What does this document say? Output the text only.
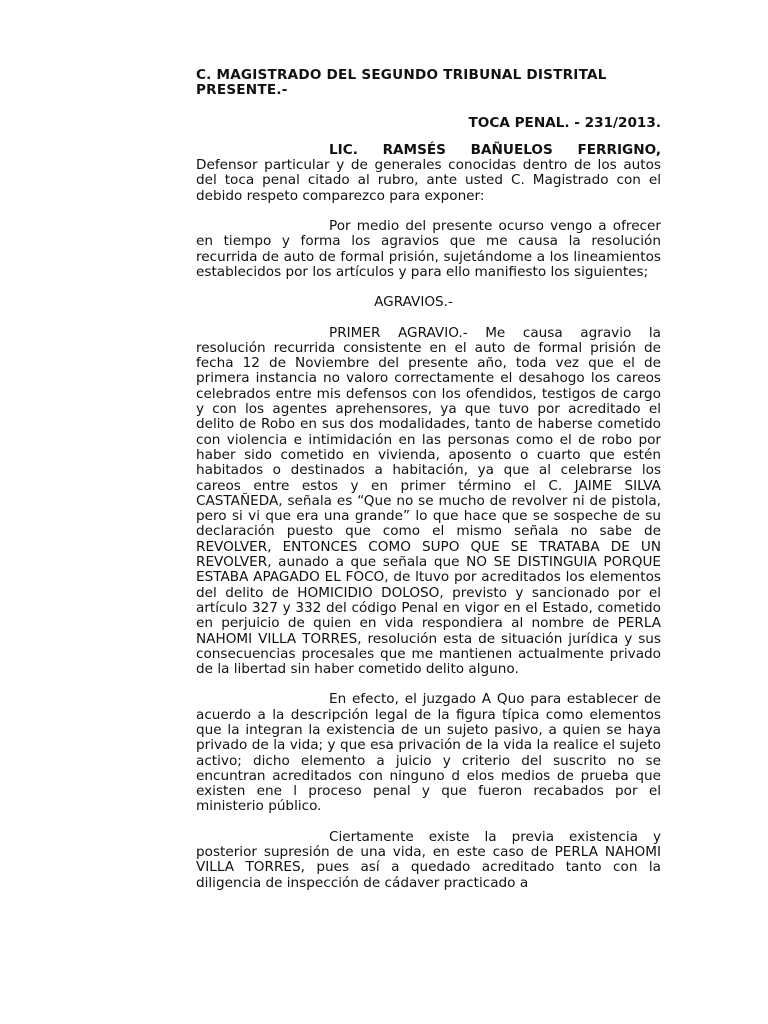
C. MAGISTRADO DEL SEGUNDO TRIBUNAL DISTRITAL

PRESENTE.-

TOCA PENAL. - 231/2013.

LIC. RAMSÉS BAÑUELOS FERRIGNO,

Defensor particular y de generales conocidas dentro de los autos del toca penal citado al rubro, ante usted C. Magistrado con el debido respeto comparezco para exponer:

Por medio del presente ocurso vengo a ofrecer en tiempo y forma los agravios que me causa la resolución recurrida de auto de formal prisión, sujetándome a los lineamientos establecidos por los artículos y para ello manifiesto los siguientes;

AGRAVIOS.-

PRIMER AGRAVIO.- Me causa agravio la resolución recurrida consistente en el auto de formal prisión de fecha 12 de Noviembre del presente año, toda vez que el de primera instancia no valoro correctamente el desahogo los careos celebrados entre mis defensos con los ofendidos, testigos de cargo y con los agentes aprehensores, ya que tuvo por acreditado el delito de Robo en sus dos modalidades, tanto de haberse cometido con violencia e intimidación en las personas como el de robo por haber sido cometido en vivienda, aposento o cuarto que estén habitados o destinados a habitación, ya que al celebrarse los careos entre estos y en primer término el C. JAIME SILVA CASTAÑEDA, señala es “Que no se mucho de revolver ni de pistola, pero si vi que era una grande” lo que hace que se sospeche de su declaración puesto que como el mismo señala no sabe de REVOLVER, ENTONCES COMO SUPO QUE SE TRATABA DE UN REVOLVER, aunado a que señala que NO SE DISTINGUIA PORQUE ESTABA APAGADO EL FOCO, de ltuvo por acreditados los elementos del delito de HOMICIDIO DOLOSO, previsto y sancionado por el artículo 327 y 332 del código Penal en vigor en el Estado, cometido en perjuicio de quien en vida respondiera al nombre de PERLA NAHOMI VILLA TORRES, resolución esta de situación jurídica y sus consecuencias procesales que me mantienen actualmente privado de la libertad sin haber cometido delito alguno.

En efecto, el juzgado A Quo para establecer de acuerdo a la descripción legal de la figura típica como elementos que la integran la existencia de un sujeto pasivo, a quien se haya privado de la vida; y que esa privación de la vida la realice el sujeto activo; dicho elemento a juicio y criterio del suscrito no se encuntran acreditados con ninguno d elos medios de prueba que existen ene l proceso penal y que fueron recabados por el ministerio público.

Ciertamente existe la previa existencia y posterior supresión de una vida, en este caso de PERLA NAHOMI VILLA TORRES, pues así a quedado acreditado tanto con la diligencia de inspección de cádaver practicado a
